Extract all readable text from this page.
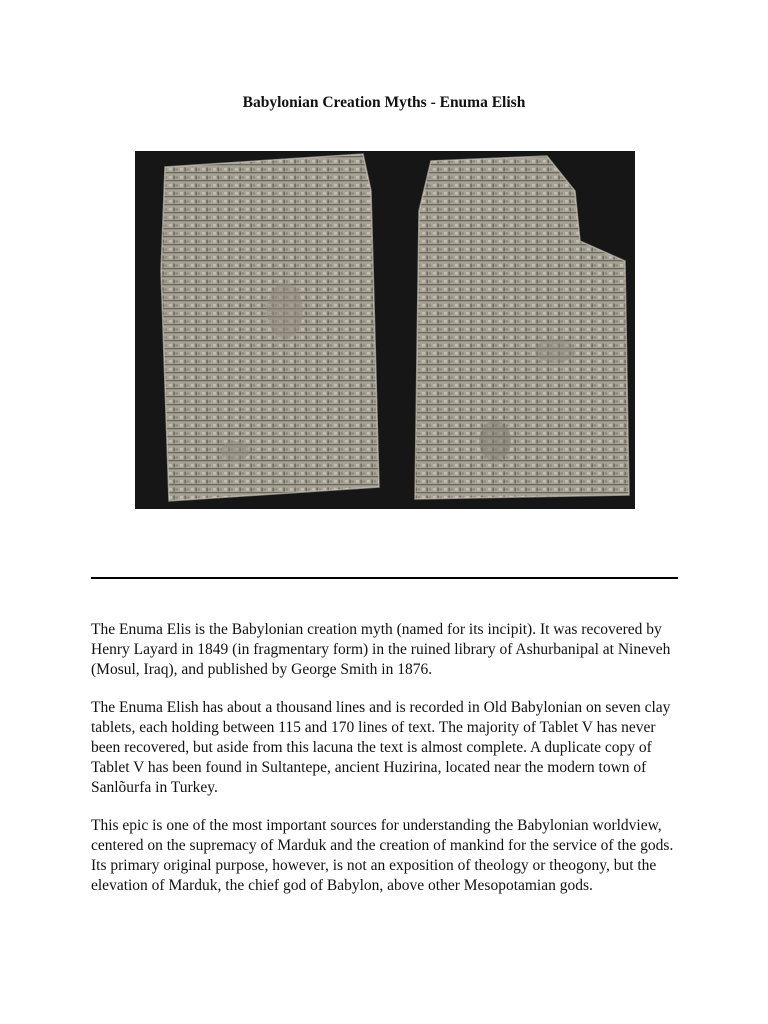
Babylonian Creation Myths - Enuma Elish

The Enuma Elis is the Babylonian creation myth (named for its incipit). It was recovered by Henry Layard in 1849 (in fragmentary form) in the ruined library of Ashurbanipal at Nineveh (Mosul, Iraq), and published by George Smith in 1876.

The Enuma Elish has about a thousand lines and is recorded in Old Babylonian on seven clay tablets, each holding between 115 and 170 lines of text. The majority of Tablet V has never been recovered, but aside from this lacuna the text is almost complete. A duplicate copy of Tablet V has been found in Sultantepe, ancient Huzirina, located near the modern town of Sanlõurfa in Turkey.

This epic is one of the most important sources for understanding the Babylonian worldview, centered on the supremacy of Marduk and the creation of mankind for the service of the gods. Its primary original purpose, however, is not an exposition of theology or theogony, but the elevation of Marduk, the chief god of Babylon, above other Mesopotamian gods.
